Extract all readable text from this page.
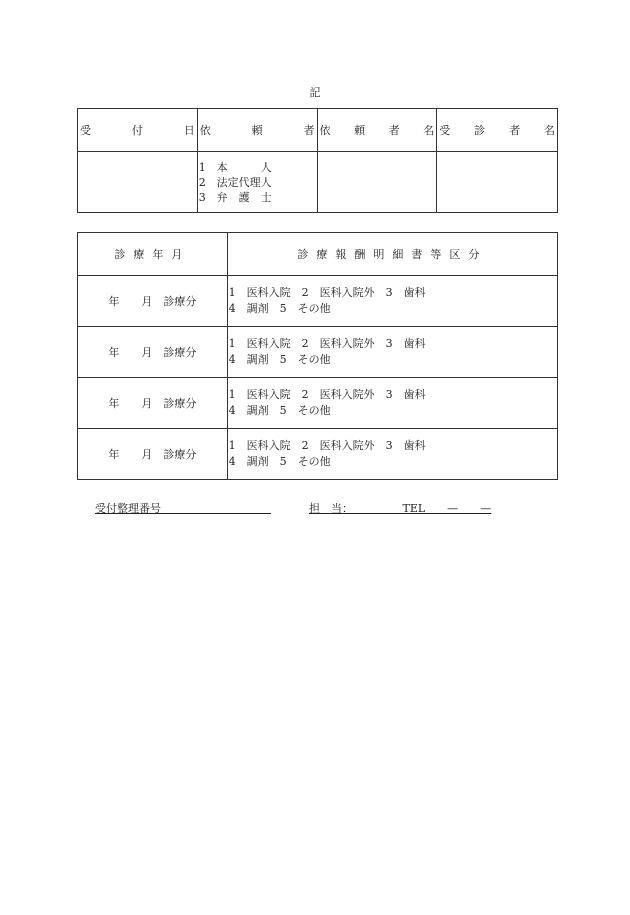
記
受 付 日	依 頼 者	依 頼 者 名	受 診 者 名

	1　本　　　人
2　法定代理人
3　弁　護　士		

診療年月	診療報酬明細書等区分

年　　月　診療分	1　医科入院　2　医科入院外　3　歯科
4　調剤　5　その他

年　　月　診療分	1　医科入院　2　医科入院外　3　歯科
4　調剤　5　その他

年　　月　診療分	1　医科入院　2　医科入院外　3　歯科
4　調剤　5　その他

年　　月　診療分	1　医科入院　2　医科入院外　3　歯科
4　調剤　5　その他

受付整理番号　　　　　　　　　　	担　当：　　　　　TEL　　—　　—
